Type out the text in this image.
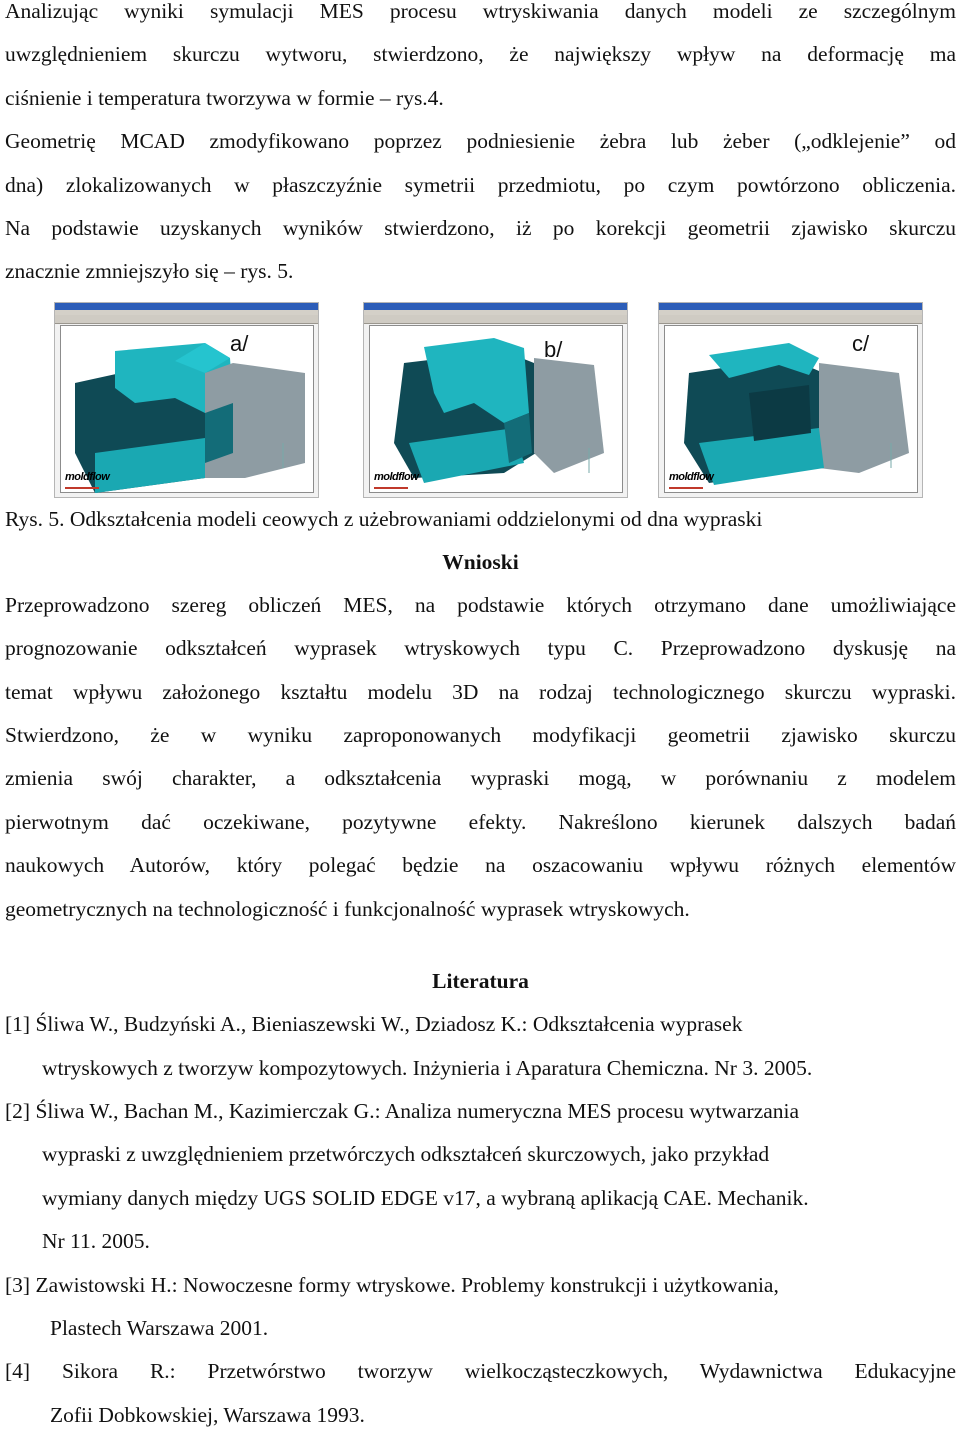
Analizując wyniki symulacji MES procesu wtryskiwania danych modeli ze szczególnym
uwzględnieniem skurczu wytworu, stwierdzono, że największy wpływ na deformację ma
ciśnienie i temperatura tworzywa w formie – rys.4.
Geometrię MCAD zmodyfikowano poprzez podniesienie żebra lub żeber („odklejenie” od
dna) zlokalizowanych w płaszczyźnie symetrii przedmiotu, po czym powtórzono obliczenia.
Na podstawie uzyskanych wyników stwierdzono, iż po korekcji geometrii zjawisko skurczu
znacznie zmniejszyło się – rys. 5.
a/
moldflow
b/
moldflow
c/
moldflow

Rys. 5. Odkształcenia modeli ceowych z użebrowaniami oddzielonymi od dna wypraski

Wnioski

Przeprowadzono szereg obliczeń MES, na podstawie których otrzymano dane umożliwiające
prognozowanie odkształceń wyprasek wtryskowych typu C. Przeprowadzono dyskusję na
temat wpływu założonego kształtu modelu 3D na rodzaj technologicznego skurczu wypraski.
Stwierdzono, że w wyniku zaproponowanych modyfikacji geometrii zjawisko skurczu
zmienia swój charakter, a odkształcenia wypraski mogą, w porównaniu z modelem
pierwotnym dać oczekiwane, pozytywne efekty. Nakreślono kierunek dalszych badań
naukowych Autorów, który polegać będzie na oszacowaniu wpływu różnych elementów
geometrycznych na technologiczność i funkcjonalność wyprasek wtryskowych.

Literatura

[1] Śliwa W., Budzyński A., Bieniaszewski W., Dziadosz K.: Odkształcenia wyprasek
wtryskowych z tworzyw kompozytowych. Inżynieria i Aparatura Chemiczna. Nr 3. 2005.
[2] Śliwa W., Bachan M., Kazimierczak G.: Analiza numeryczna MES procesu wytwarzania
wypraski z uwzględnieniem przetwórczych odkształceń skurczowych, jako przykład
wymiany danych między UGS SOLID EDGE v17, a wybraną aplikacją CAE. Mechanik.
Nr 11. 2005.
[3] Zawistowski H.: Nowoczesne formy wtryskowe. Problemy konstrukcji i użytkowania,
Plastech Warszawa 2001.
[4] Sikora R.: Przetwórstwo tworzyw wielkocząsteczkowych, Wydawnictwa Edukacyjne
Zofii Dobkowskiej, Warszawa 1993.
